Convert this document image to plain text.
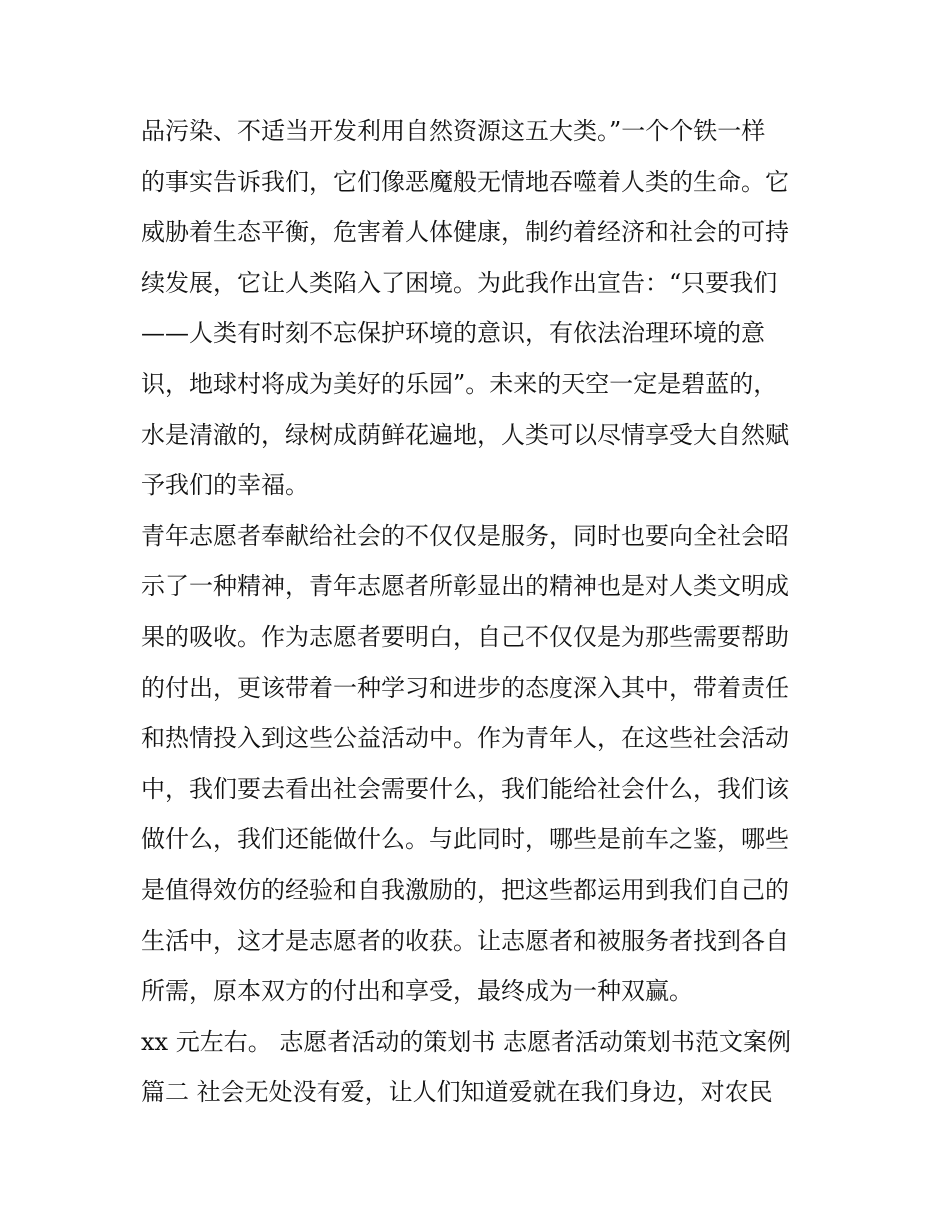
品污染、不适当开发利用自然资源这五大类。”一个个铁一样
的事实告诉我们，它们像恶魔般无情地吞噬着人类的生命。它
威胁着生态平衡，危害着人体健康，制约着经济和社会的可持
续发展，它让人类陷入了困境。为此我作出宣告：“只要我们
——人类有时刻不忘保护环境的意识，有依法治理环境的意
识，地球村将成为美好的乐园”。未来的天空一定是碧蓝的，
水是清澈的，绿树成荫鲜花遍地，人类可以尽情享受大自然赋
予我们的幸福。
青年志愿者奉献给社会的不仅仅是服务，同时也要向全社会昭
示了一种精神，青年志愿者所彰显出的精神也是对人类文明成
果的吸收。作为志愿者要明白，自己不仅仅是为那些需要帮助
的付出，更该带着一种学习和进步的态度深入其中，带着责任
和热情投入到这些公益活动中。作为青年人，在这些社会活动
中，我们要去看出社会需要什么，我们能给社会什么，我们该
做什么，我们还能做什么。与此同时，哪些是前车之鉴，哪些
是值得效仿的经验和自我激励的，把这些都运用到我们自己的
生活中，这才是志愿者的收获。让志愿者和被服务者找到各自
所需，原本双方的付出和享受，最终成为一种双赢。
xx 元左右。 志愿者活动的策划书 志愿者活动策划书范文案例
篇二 社会无处没有爱，让人们知道爱就在我们身边，对农民
